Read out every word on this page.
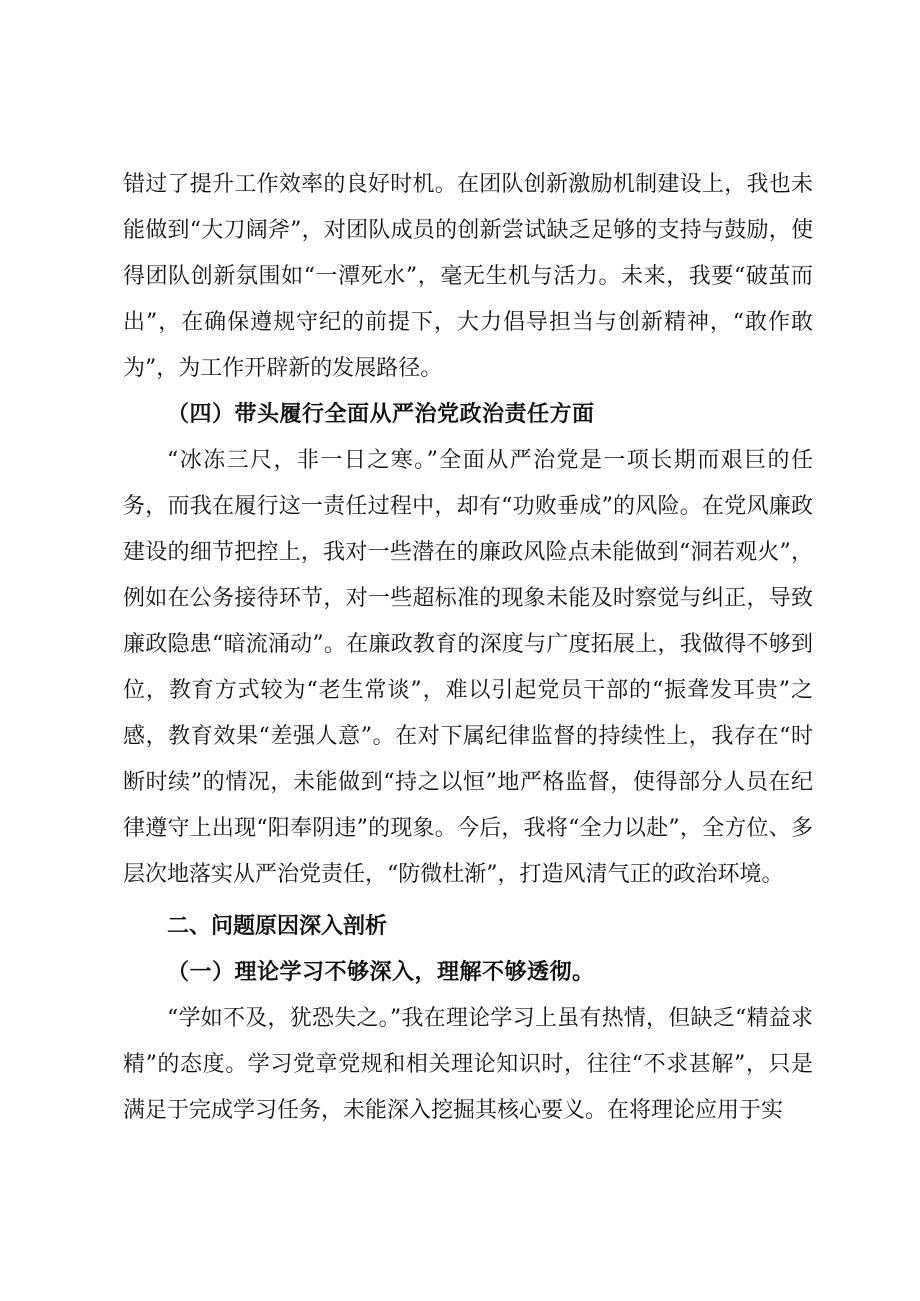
错过了提升工作效率的良好时机。在团队创新激励机制建设上，我也未能做到“大刀阔斧”，对团队成员的创新尝试缺乏足够的支持与鼓励，使得团队创新氛围如“一潭死水”，毫无生机与活力。未来，我要“破茧而出”，在确保遵规守纪的前提下，大力倡导担当与创新精神，“敢作敢为”，为工作开辟新的发展路径。

（四）带头履行全面从严治党政治责任方面

“冰冻三尺，非一日之寒。”全面从严治党是一项长期而艰巨的任务，而我在履行这一责任过程中，却有“功败垂成”的风险。在党风廉政建设的细节把控上，我对一些潜在的廉政风险点未能做到“洞若观火”，例如在公务接待环节，对一些超标准的现象未能及时察觉与纠正，导致廉政隐患“暗流涌动”。在廉政教育的深度与广度拓展上，我做得不够到位，教育方式较为“老生常谈”，难以引起党员干部的“振聋发耳贵”之感，教育效果“差强人意”。在对下属纪律监督的持续性上，我存在“时断时续”的情况，未能做到“持之以恒”地严格监督，使得部分人员在纪律遵守上出现“阳奉阴违”的现象。今后，我将“全力以赴”，全方位、多层次地落实从严治党责任，“防微杜渐”，打造风清气正的政治环境。

二、问题原因深入剖析

（一）理论学习不够深入，理解不够透彻。

“学如不及，犹恐失之。”我在理论学习上虽有热情，但缺乏“精益求精”的态度。学习党章党规和相关理论知识时，往往“不求甚解”，只是满足于完成学习任务，未能深入挖掘其核心要义。在将理论应用于实
